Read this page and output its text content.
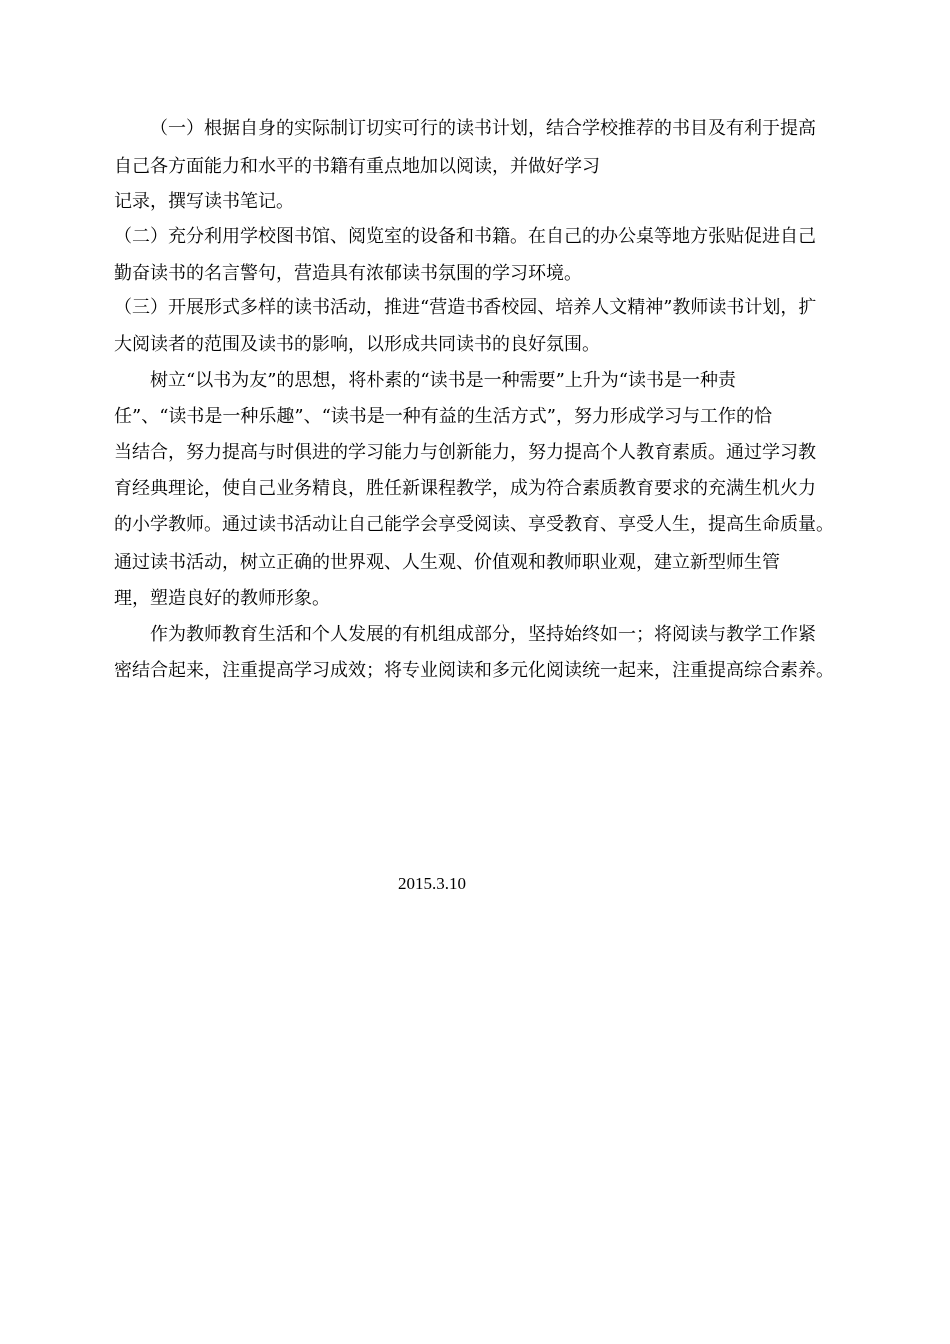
（一）根据自身的实际制订切实可行的读书计划，结合学校推荐的书目及有利于提高
自己各方面能力和水平的书籍有重点地加以阅读，并做好学习
记录，撰写读书笔记。
（二）充分利用学校图书馆、阅览室的设备和书籍。在自己的办公桌等地方张贴促进自己
勤奋读书的名言警句，营造具有浓郁读书氛围的学习环境。
（三）开展形式多样的读书活动，推进“营造书香校园、培养人文精神”教师读书计划，扩
大阅读者的范围及读书的影响，以形成共同读书的良好氛围。
树立“以书为友”的思想，将朴素的“读书是一种需要”上升为“读书是一种责
任”、“读书是一种乐趣”、“读书是一种有益的生活方式”，努力形成学习与工作的恰
当结合，努力提高与时俱进的学习能力与创新能力，努力提高个人教育素质。通过学习教
育经典理论，使自己业务精良，胜任新课程教学，成为符合素质教育要求的充满生机火力
的小学教师。通过读书活动让自己能学会享受阅读、享受教育、享受人生，提高生命质量。
通过读书活动，树立正确的世界观、人生观、价值观和教师职业观，建立新型师生管
理，塑造良好的教师形象。
作为教师教育生活和个人发展的有机组成部分，坚持始终如一；将阅读与教学工作紧
密结合起来，注重提高学习成效；将专业阅读和多元化阅读统一起来，注重提高综合素养。
2015.3.10
